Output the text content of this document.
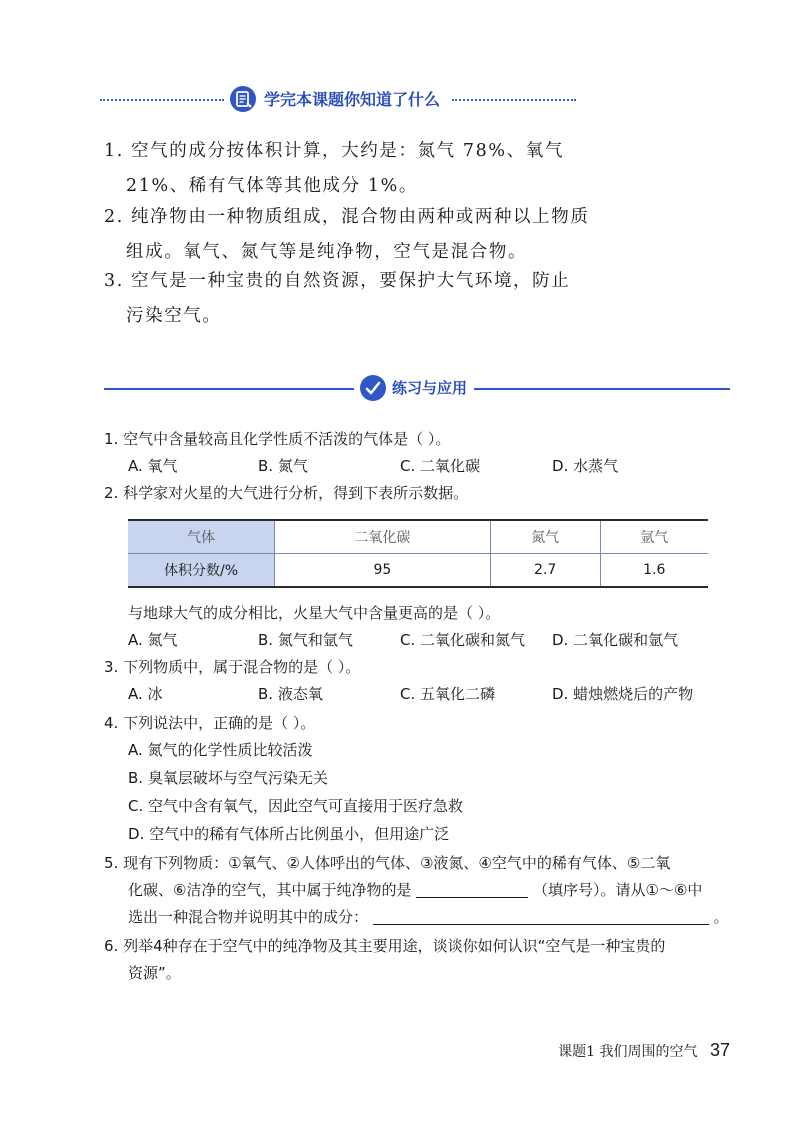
学完本课题你知道了什么
1. 空气的成分按体积计算，大约是：氮气 78%、氧气
21%、稀有气体等其他成分 1%。
2. 纯净物由一种物质组成，混合物由两种或两种以上物质
组成。氧气、氮气等是纯净物，空气是混合物。
3. 空气是一种宝贵的自然资源，要保护大气环境，防止
污染空气。
练习与应用
1. 空气中含量较高且化学性质不活泼的气体是（ ）。
A. 氧气	B. 氮气	C. 二氧化碳	D. 水蒸气
2. 科学家对火星的大气进行分析，得到下表所示数据。
气体	二氧化碳	氮气	氩气
体积分数/%	95	2.7	1.6
与地球大气的成分相比，火星大气中含量更高的是（ ）。
A. 氮气	B. 氮气和氩气	C. 二氧化碳和氮气 D. 二氧化碳和氩气
3. 下列物质中，属于混合物的是（ ）。
A. 冰	B. 液态氧	C. 五氧化二磷	D. 蜡烛燃烧后的产物
4. 下列说法中，正确的是（ ）。
A. 氮气的化学性质比较活泼
B. 臭氧层破坏与空气污染无关
C. 空气中含有氧气，因此空气可直接用于医疗急救
D. 空气中的稀有气体所占比例虽小，但用途广泛
5. 现有下列物质：①氧气、②人体呼出的气体、③液氮、④空气中的稀有气体、⑤二氧
化碳、⑥洁净的空气，其中属于纯净物的是	（填序号）。请从①～⑥中
选出一种混合物并说明其中的成分：	。
6. 列举4种存在于空气中的纯净物及其主要用途，谈谈你如何认识“空气是一种宝贵的
资源”。
课题1 我们周围的空气 37
